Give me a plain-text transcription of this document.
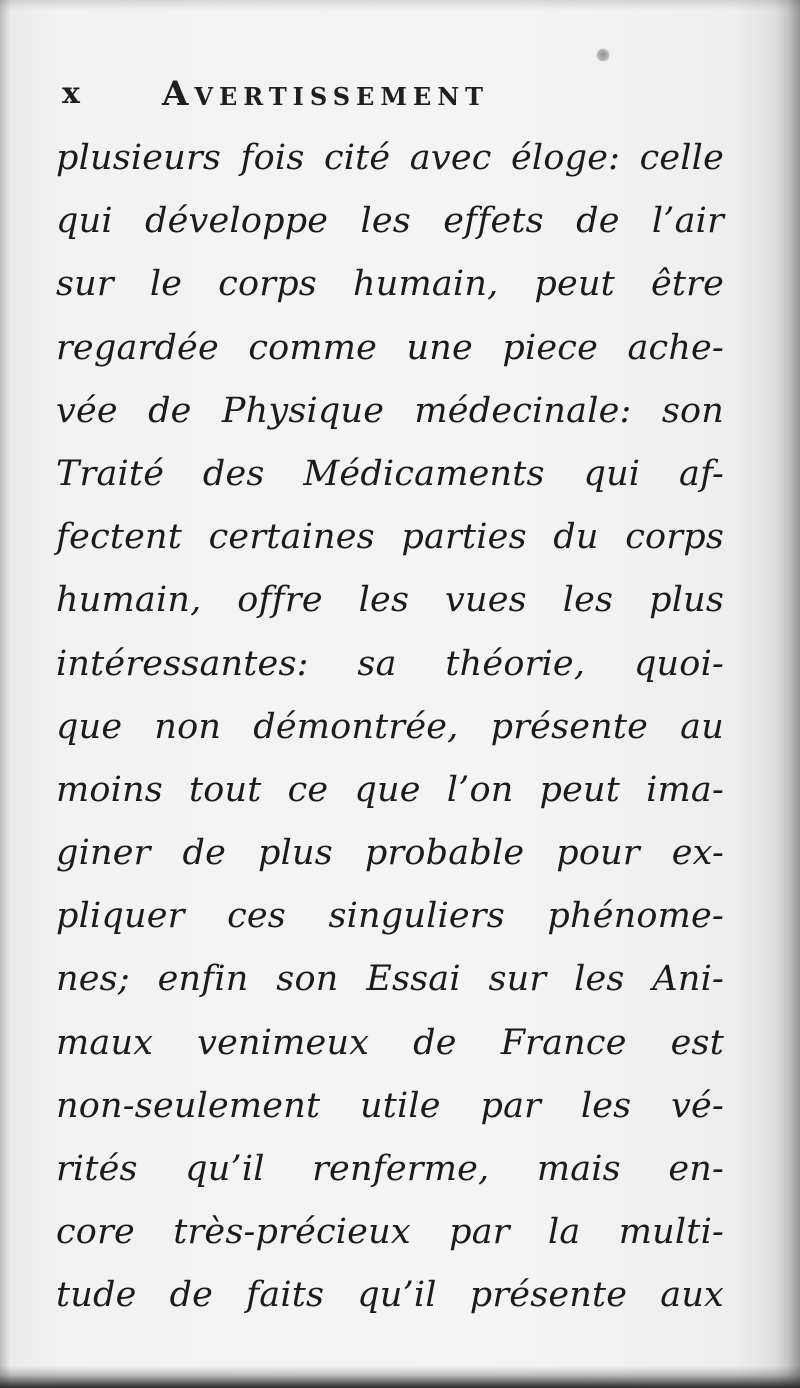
x Avertissement
plusieurs fois cité avec éloge: celle
qui développe les effets de l’air
sur le corps humain, peut être
regardée comme une piece ache-
vée de Physique médecinale: son
Traité des Médicaments qui af-
fectent certaines parties du corps
humain, offre les vues les plus
intéressantes: sa théorie, quoi-
que non démontrée, présente au
moins tout ce que l’on peut ima-
giner de plus probable pour ex-
pliquer ces singuliers phénome-
nes; enfin son Essai sur les Ani-
maux venimeux de France est
non-seulement utile par les vé-
rités qu’il renferme, mais en-
core très-précieux par la multi-
tude de faits qu’il présente aux
